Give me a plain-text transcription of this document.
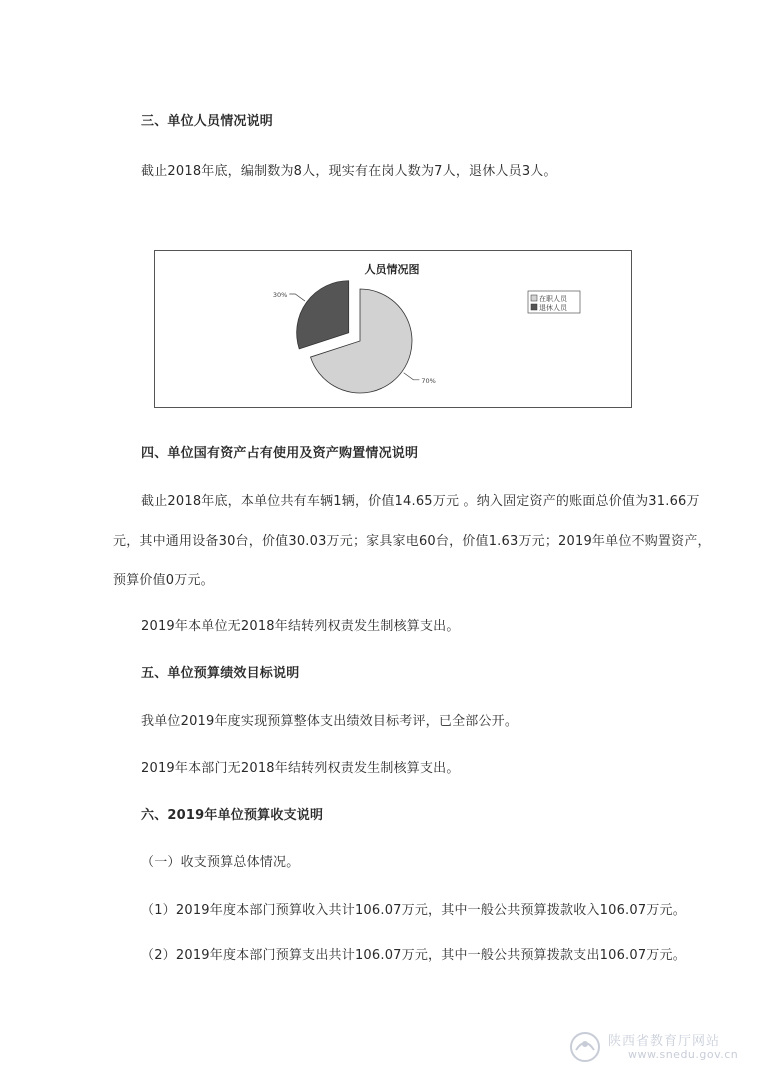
三、单位人员情况说明
截止2018年底，编制数为8人，现实有在岗人数为7人，退休人员3人。
人员情况图
70%
30%
在职人员
退休人员
四、单位国有资产占有使用及资产购置情况说明
截止2018年底，本单位共有车辆1辆，价值14.65万元 。纳入固定资产的账面总价值为31.66万
元，其中通用设备30台，价值30.03万元；家具家电60台，价值1.63万元；2019年单位不购置资产，
预算价值0万元。
2019年本单位无2018年结转列权责发生制核算支出。
五、单位预算绩效目标说明
我单位2019年度实现预算整体支出绩效目标考评，已全部公开。
2019年本部门无2018年结转列权责发生制核算支出。
六、2019年单位预算收支说明
（一）收支预算总体情况。
（1）2019年度本部门预算收入共计106.07万元，其中一般公共预算拨款收入106.07万元。
（2）2019年度本部门预算支出共计106.07万元，其中一般公共预算拨款支出106.07万元。
陕西省教育厅网站
www.snedu.gov.cn
